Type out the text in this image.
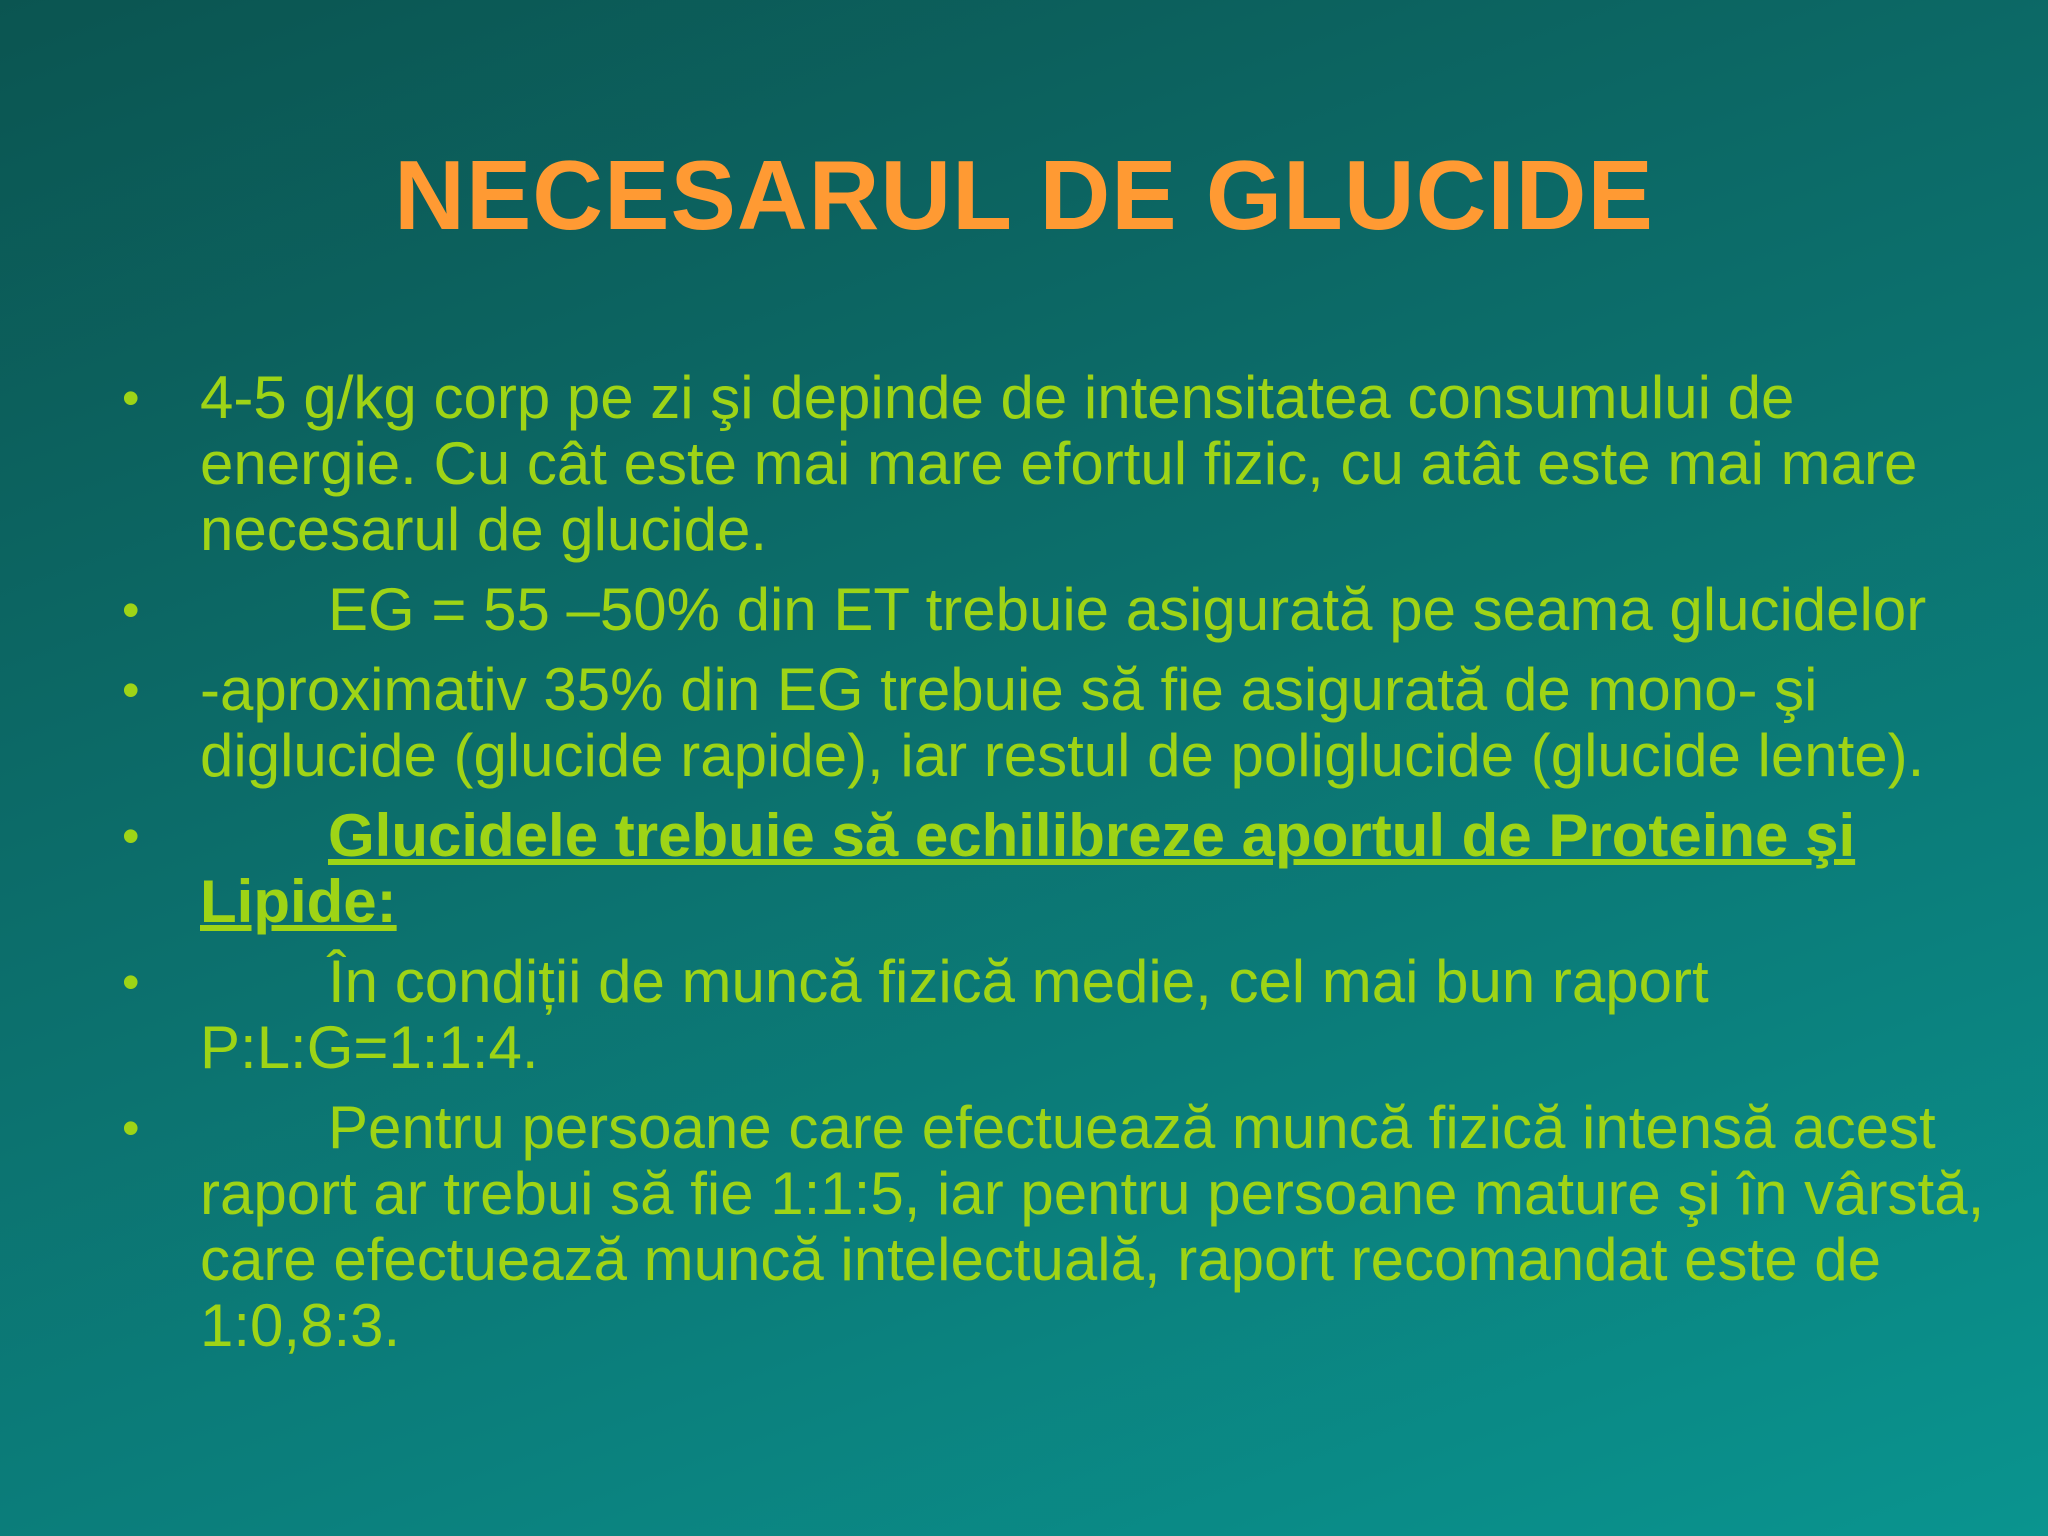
NECESARUL DE GLUCIDE
• 4-5 g/kg corp pe zi şi depinde de intensitatea consumului de energie. Cu cât este mai mare efortul fizic, cu atât este mai mare necesarul de glucide.
•	EG = 55 –50% din ET trebuie asigurată pe seama glucidelor
• -aproximativ 35% din EG trebuie să fie asigurată de mono- şi diglucide (glucide rapide), iar restul de poliglucide (glucide lente).
•	Glucidele trebuie să echilibreze aportul de Proteine şi Lipide:
•	În condiții de muncă fizică medie, cel mai bun raport P:L:G=1:1:4.
•	Pentru persoane care efectuează muncă fizică intensă acest raport ar trebui să fie 1:1:5, iar pentru persoane mature şi în vârstă, care efectuează muncă intelectuală, raport recomandat este de 1:0,8:3.
